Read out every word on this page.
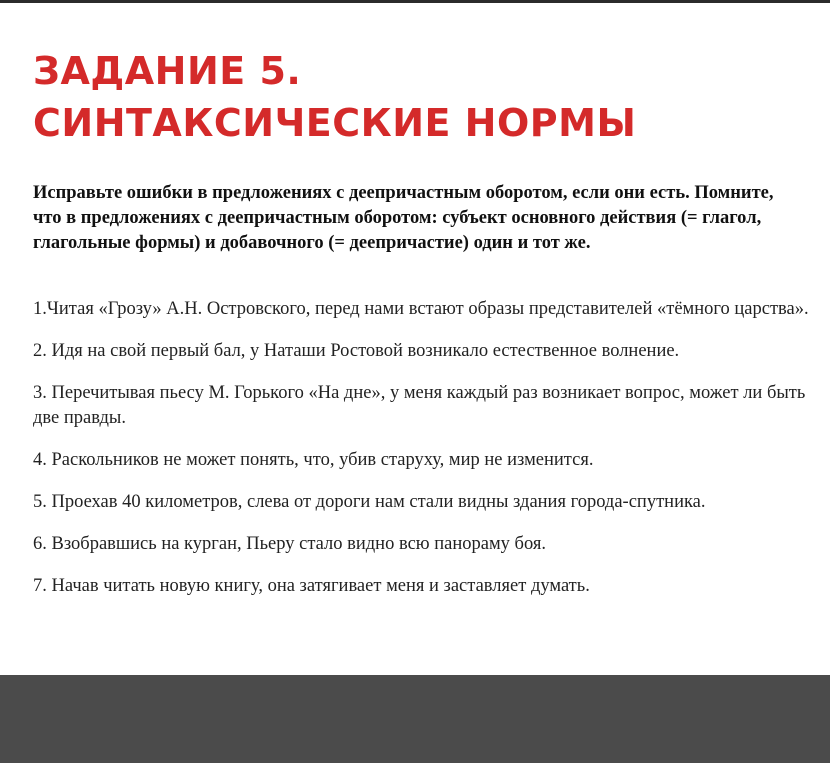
ЗАДАНИЕ 5.
СИНТАКСИЧЕСКИЕ НОРМЫ

Исправьте ошибки в предложениях с деепричастным оборотом, если они есть. Помните, что в предложениях с деепричастным оборотом: субъект основного действия (= глагол, глагольные формы) и добавочного (= деепричастие) один и тот же.

1.Читая «Грозу» А.Н. Островского, перед нами встают образы представителей «тёмного царства».
2. Идя на свой первый бал, у Наташи Ростовой возникало естественное волнение.
3. Перечитывая пьесу М. Горького «На дне», у меня каждый раз возникает вопрос, может ли быть две правды.
4. Раскольников не может понять, что, убив старуху, мир не изменится.
5. Проехав 40 километров, слева от дороги нам стали видны здания города-спутника.
6. Взобравшись на курган, Пьеру стало видно всю панораму боя.
7. Начав читать новую книгу, она затягивает меня и заставляет думать.
